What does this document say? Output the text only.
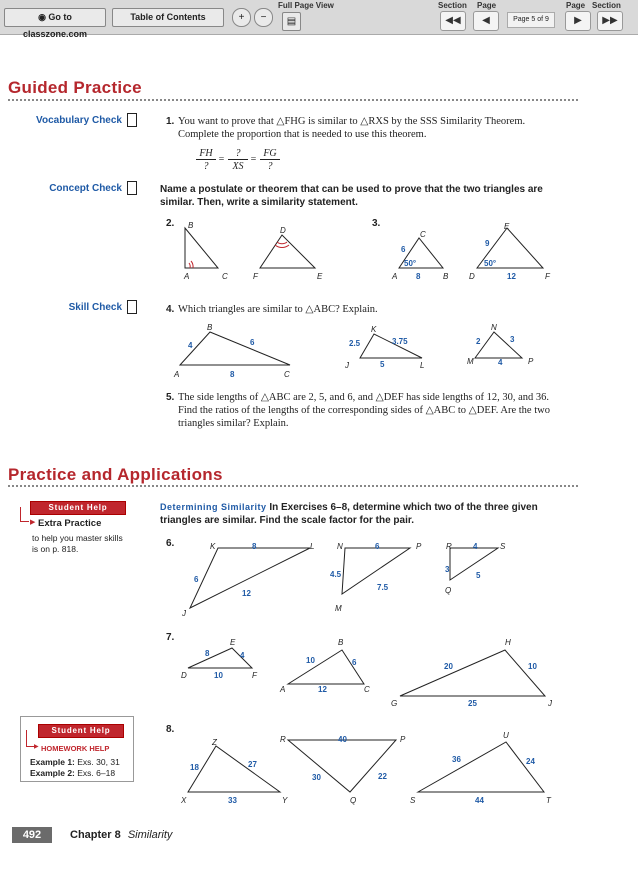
◉ Go to classzone.com
Table of Contents	+	−
Full Page View
▤
Section Page
◀◀	◀	Page 5 of 9
Page Section
▶	▶▶
Guided Practice
Vocabulary Check	1. You want to prove that △FHG is similar to △RXS by the SSS Similarity Theorem. Complete the proportion that is needed to use this theorem.
FH
?
=
?
XS
=
FG
?
Concept Check	Name a postulate or theorem that can be used to prove that the two triangles are similar. Then, write a similarity statement.
2.	3.
B
A	C
D
F	E
C
E
A	B	D	F
6
8
50°
9
12
50°
Skill Check	4. Which triangles are similar to △ABC? Explain.
B
A	C
4	6
8
K
J	L
2.5	3.75
5
N
M	P
2	3
4
5. The side lengths of △ABC are 2, 5, and 6, and △DEF has side lengths of 12, 30, and 36. Find the ratios of the lengths of the corresponding sides of △ABC to △DEF. Are the two triangles similar? Explain.
Practice and Applications
Student Help
▶ Extra Practice
to help you master skills is on p. 818.
Determining Similarity In Exercises 6–8, determine which two of the three given triangles are similar. Find the scale factor for the pair.
6.	K	L
J
8
6
12
N	P
M
6
4.5
7.5
R	S
Q
4
3
5
7.	E
D	F
8	4
10
B
A	C
10	6
12
H
G	J
20	10
25
Student Help
▶ HOMEWORK HELP
Example 1: Exs. 30, 31
Example 2: Exs. 6–18
8.
Z
X	Y
18	27
33
R	P
Q
40
30	22
U
S	T
36	24
44
492	Chapter 8 Similarity
